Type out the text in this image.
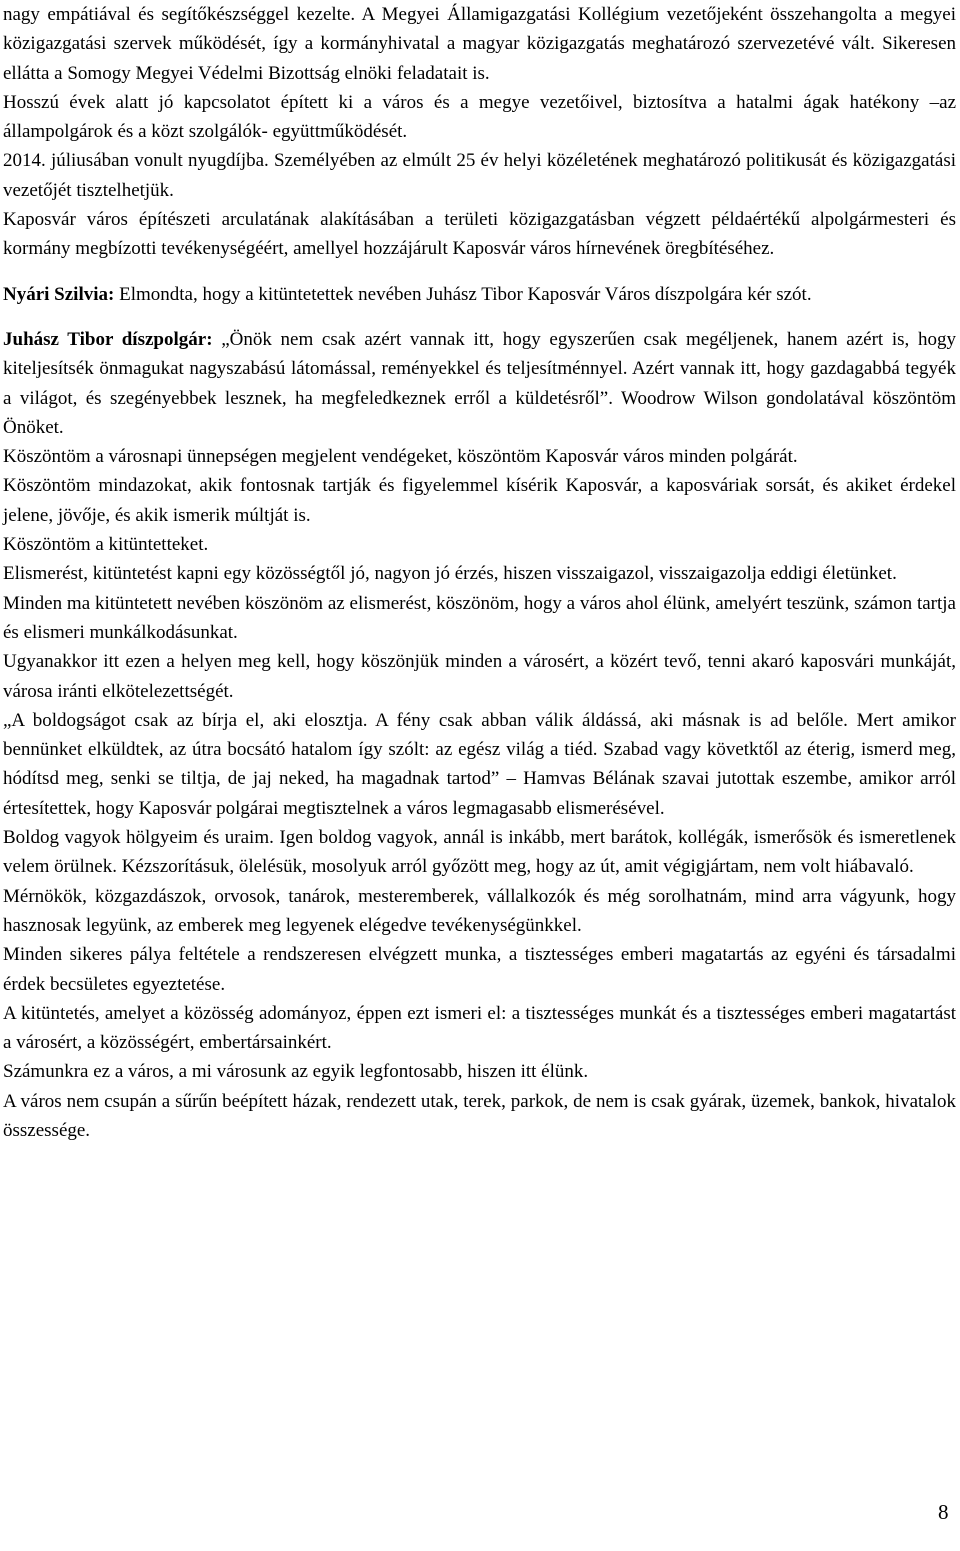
nagy empátiával és segítőkészséggel kezelte. A Megyei Államigazgatási Kollégium vezetőjeként összehangolta a megyei közigazgatási szervek működését, így a kormányhivatal a magyar közigazgatás meghatározó szervezetévé vált. Sikeresen ellátta a Somogy Megyei Védelmi Bizottság elnöki feladatait is.

Hosszú évek alatt jó kapcsolatot épített ki a város és a megye vezetőivel, biztosítva a hatalmi ágak hatékony –az állampolgárok és a közt szolgálók- együttműködését.

2014. júliusában vonult nyugdíjba. Személyében az elmúlt 25 év helyi közéletének meghatározó politikusát és közigazgatási vezetőjét tisztelhetjük.

Kaposvár város építészeti arculatának alakításában a területi közigazgatásban végzett példaértékű alpolgármesteri és kormány megbízotti tevékenységéért, amellyel hozzájárult Kaposvár város hírnevének öregbítéséhez.

Nyári Szilvia: Elmondta, hogy a kitüntetettek nevében Juhász Tibor Kaposvár Város díszpolgára kér szót.

Juhász Tibor díszpolgár: „Önök nem csak azért vannak itt, hogy egyszerűen csak megéljenek, hanem azért is, hogy kiteljesítsék önmagukat nagyszabású látomással, reményekkel és teljesítménnyel. Azért vannak itt, hogy gazdagabbá tegyék a világot, és szegényebbek lesznek, ha megfeledkeznek erről a küldetésről”. Woodrow Wilson gondolatával köszöntöm Önöket.

Köszöntöm a városnapi ünnepségen megjelent vendégeket, köszöntöm Kaposvár város minden polgárát.

Köszöntöm mindazokat, akik fontosnak tartják és figyelemmel kísérik Kaposvár, a kaposváriak sorsát, és akiket érdekel jelene, jövője, és akik ismerik múltját is.

Köszöntöm a kitüntetteket.

Elismerést, kitüntetést kapni egy közösségtől jó, nagyon jó érzés, hiszen visszaigazol, visszaigazolja eddigi életünket.

Minden ma kitüntetett nevében köszönöm az elismerést, köszönöm, hogy a város ahol élünk, amelyért teszünk, számon tartja és elismeri munkálkodásunkat.

Ugyanakkor itt ezen a helyen meg kell, hogy köszönjük minden a városért, a közért tevő, tenni akaró kaposvári munkáját, városa iránti elkötelezettségét.

„A boldogságot csak az bírja el, aki elosztja. A fény csak abban válik áldássá, aki másnak is ad belőle. Mert amikor bennünket elküldtek, az útra bocsátó hatalom így szólt: az egész világ a tiéd. Szabad vagy követktől az éterig, ismerd meg, hódítsd meg, senki se tiltja, de jaj neked, ha magadnak tartod” – Hamvas Bélának szavai jutottak eszembe, amikor arról értesítettek, hogy Kaposvár polgárai megtisztelnek a város legmagasabb elismerésével.

Boldog vagyok hölgyeim és uraim. Igen boldog vagyok, annál is inkább, mert barátok, kollégák, ismerősök és ismeretlenek velem örülnek. Kézszorításuk, ölelésük, mosolyuk arról győzött meg, hogy az út, amit végigjártam, nem volt hiábavaló.

Mérnökök, közgazdászok, orvosok, tanárok, mesteremberek, vállalkozók és még sorolhatnám, mind arra vágyunk, hogy hasznosak legyünk, az emberek meg legyenek elégedve tevékenységünkkel.

Minden sikeres pálya feltétele a rendszeresen elvégzett munka, a tisztességes emberi magatartás az egyéni és társadalmi érdek becsületes egyeztetése.

A kitüntetés, amelyet a közösség adományoz, éppen ezt ismeri el: a tisztességes munkát és a tisztességes emberi magatartást a városért, a közösségért, embertársainkért.

Számunkra ez a város, a mi városunk az egyik legfontosabb, hiszen itt élünk.

A város nem csupán a sűrűn beépített házak, rendezett utak, terek, parkok, de nem is csak gyárak, üzemek, bankok, hivatalok összessége.

8
